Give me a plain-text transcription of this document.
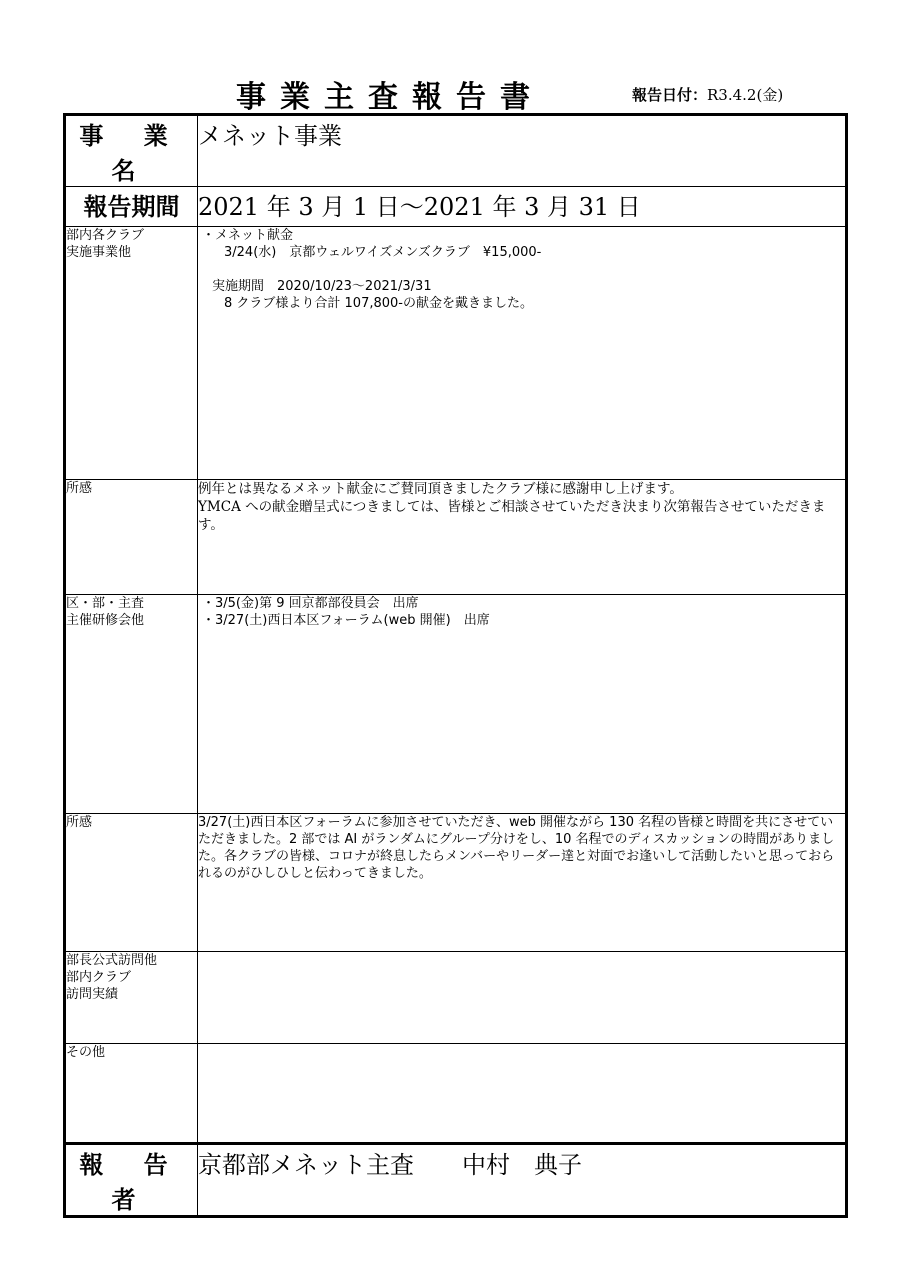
事業主査報告書	報告日付：R3.4.2(金)
事 業 名	メネット事業
報告期間	2021 年 3 月 1 日～2021 年 3 月 31 日

部内各クラブ
実施事業他	・メネット献金
3/24(水)　京都ウェルワイズメンズクラブ　¥15,000-
実施期間　2020/10/23～2021/3/31
8 クラブ様より合計 107,800-の献金を戴きました。

所感	例年とは異なるメネット献金にご賛同頂きましたクラブ様に感謝申し上げます。
YMCA への献金贈呈式につきましては、皆様とご相談させていただき決まり次第報告させていただきます。

区・部・主査
主催研修会他	・3/5(金)第 9 回京都部役員会　出席
・3/27(土)西日本区フォーラム(web 開催)　出席

所感	3/27(土)西日本区フォーラムに参加させていただき、web 開催ながら 130 名程の皆様と時間を共にさせていただきました。2 部では AI がランダムにグループ分けをし、10 名程でのディスカッションの時間がありました。各クラブの皆様、コロナが終息したらメンバーやリーダー達と対面でお逢いして活動したいと思っておられるのがひしひしと伝わってきました。

部長公式訪問他
部内クラブ
訪問実績	

その他	
報 告 者	京都部メネット主査　　中村　典子
